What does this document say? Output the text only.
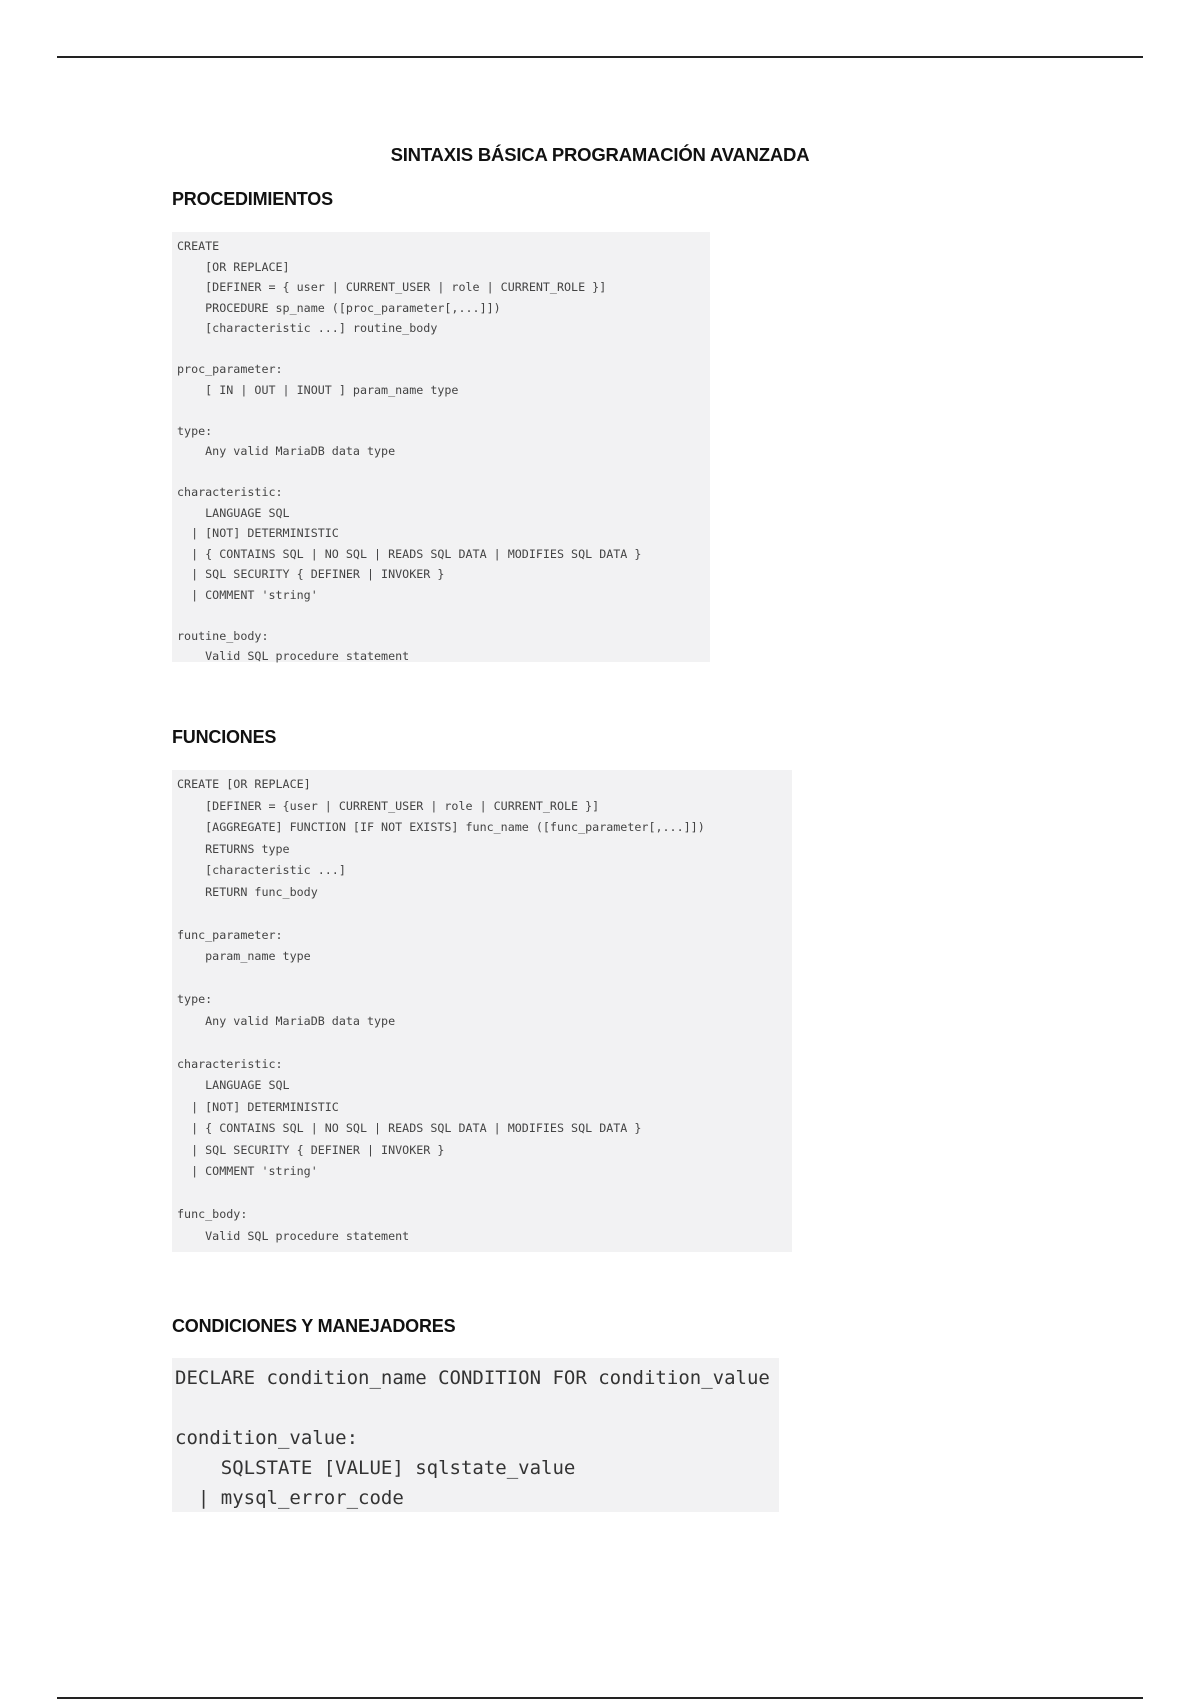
SINTAXIS BÁSICA PROGRAMACIÓN AVANZADA
PROCEDIMIENTOS
CREATE
[OR REPLACE]
[DEFINER = { user | CURRENT_USER | role | CURRENT_ROLE }]
PROCEDURE sp_name ([proc_parameter[,...]])
[characteristic ...] routine_body

proc_parameter:
[ IN | OUT | INOUT ] param_name type

type:
Any valid MariaDB data type

characteristic:
LANGUAGE SQL
| [NOT] DETERMINISTIC
| { CONTAINS SQL | NO SQL | READS SQL DATA | MODIFIES SQL DATA }
| SQL SECURITY { DEFINER | INVOKER }
| COMMENT 'string'

routine_body:
Valid SQL procedure statement
FUNCIONES
CREATE [OR REPLACE]
[DEFINER = {user | CURRENT_USER | role | CURRENT_ROLE }]
[AGGREGATE] FUNCTION [IF NOT EXISTS] func_name ([func_parameter[,...]])
RETURNS type
[characteristic ...]
RETURN func_body

func_parameter:
param_name type

type:
Any valid MariaDB data type

characteristic:
LANGUAGE SQL
| [NOT] DETERMINISTIC
| { CONTAINS SQL | NO SQL | READS SQL DATA | MODIFIES SQL DATA }
| SQL SECURITY { DEFINER | INVOKER }
| COMMENT 'string'

func_body:
Valid SQL procedure statement
CONDICIONES Y MANEJADORES
DECLARE condition_name CONDITION FOR condition_value

condition_value:
SQLSTATE [VALUE] sqlstate_value
| mysql_error_code
